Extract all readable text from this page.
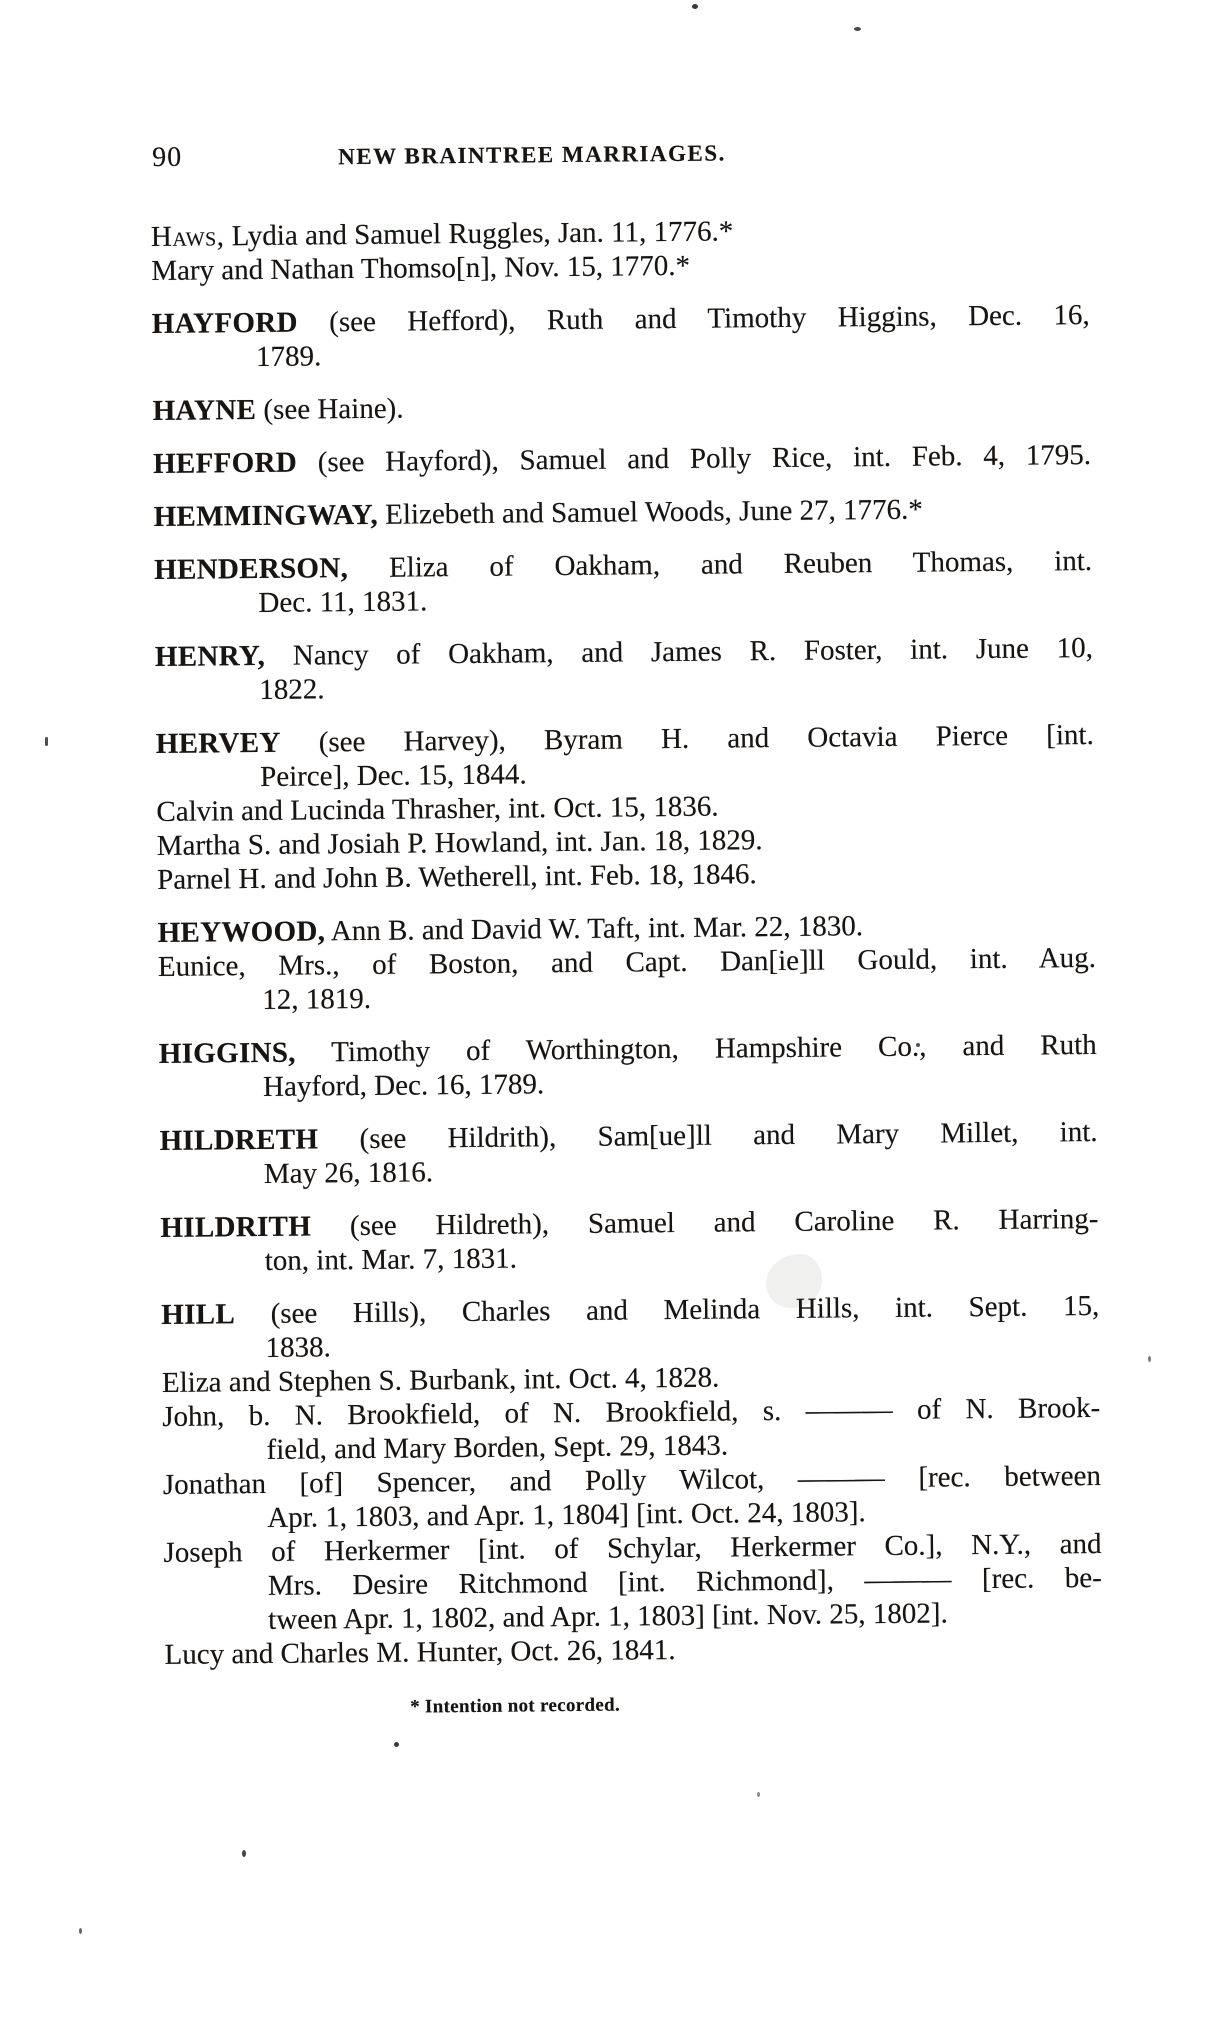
90	NEW BRAINTREE MARRIAGES.
Haws, Lydia and Samuel Ruggles, Jan. 11, 1776.*
Mary and Nathan Thomso[n], Nov. 15, 1770.*
HAYFORD (see Hefford), Ruth and Timothy Higgins, Dec. 16,
1789.
HAYNE (see Haine).
HEFFORD (see Hayford), Samuel and Polly Rice, int. Feb. 4, 1795.
HEMMINGWAY, Elizebeth and Samuel Woods, June 27, 1776.*
HENDERSON, Eliza of Oakham, and Reuben Thomas, int.
Dec. 11, 1831.
HENRY, Nancy of Oakham, and James R. Foster, int. June 10,
1822.
HERVEY (see Harvey), Byram H. and Octavia Pierce [int.
Peirce], Dec. 15, 1844.
Calvin and Lucinda Thrasher, int. Oct. 15, 1836.
Martha S. and Josiah P. Howland, int. Jan. 18, 1829.
Parnel H. and John B. Wetherell, int. Feb. 18, 1846.
HEYWOOD, Ann B. and David W. Taft, int. Mar. 22, 1830.
Eunice, Mrs., of Boston, and Capt. Dan[ie]ll Gould, int. Aug.
12, 1819.
HIGGINS, Timothy of Worthington, Hampshire Co., and Ruth
Hayford, Dec. 16, 1789.
HILDRETH (see Hildrith), Sam[ue]ll and Mary Millet, int.
May 26, 1816.
HILDRITH (see Hildreth), Samuel and Caroline R. Harring-
ton, int. Mar. 7, 1831.
HILL (see Hills), Charles and Melinda Hills, int. Sept. 15,
1838.
Eliza and Stephen S. Burbank, int. Oct. 4, 1828.
John, b. N. Brookfield, of N. Brookfield, s. ——— of N. Brook-
field, and Mary Borden, Sept. 29, 1843.
Jonathan [of] Spencer, and Polly Wilcot, ——— [rec. between
Apr. 1, 1803, and Apr. 1, 1804] [int. Oct. 24, 1803].
Joseph of Herkermer [int. of Schylar, Herkermer Co.], N.Y., and
Mrs. Desire Ritchmond [int. Richmond], ——— [rec. be-
tween Apr. 1, 1802, and Apr. 1, 1803] [int. Nov. 25, 1802].
Lucy and Charles M. Hunter, Oct. 26, 1841.
* Intention not recorded.
